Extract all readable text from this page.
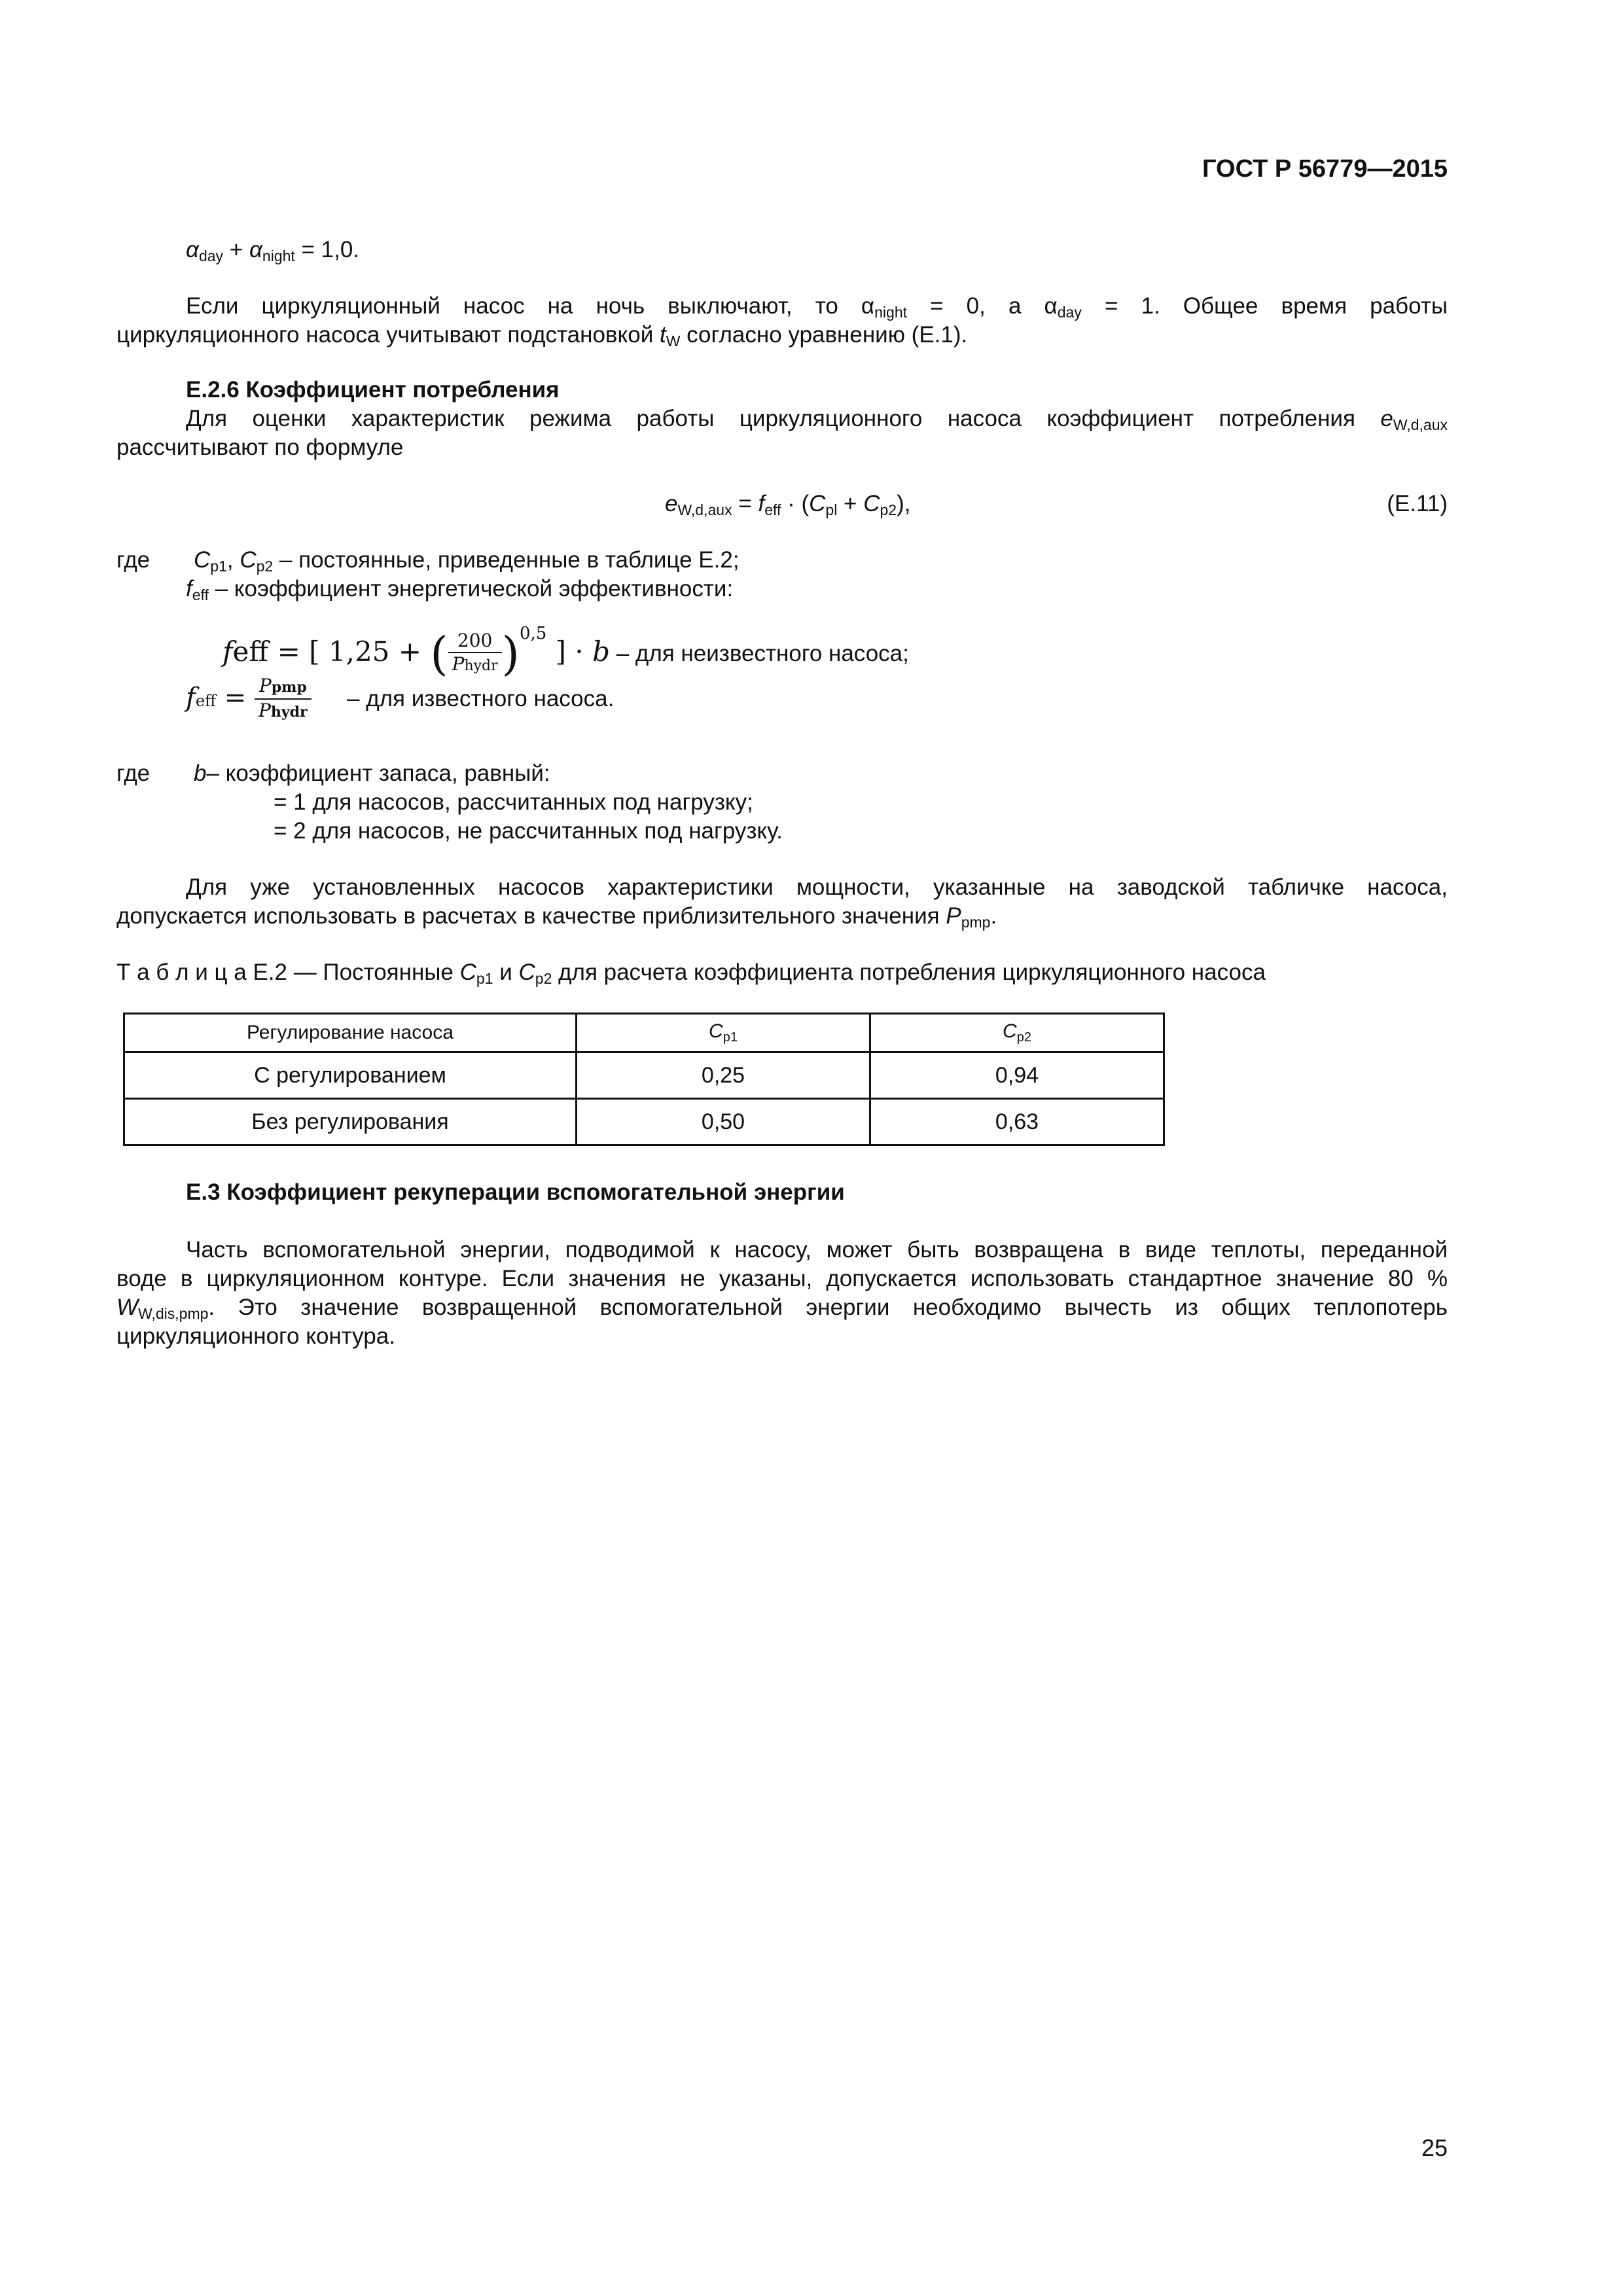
ГОСТ Р 56779—2015
$\alpha_{day} + \alpha_{night} = 1,0$.
Если циркуляционный насос на ночь выключают, то $\alpha_{night} = 0$, а $\alpha_{day} = 1$. Общее время работы
циркуляционного насоса учитывают подстановкой $t_W$ согласно уравнению (Е.1).
Е.2.6 Коэффициент потребления
Для оценки характеристик режима работы циркуляционного насоса коэффициент потребления $e_{W,d,aux}$
рассчитывают по формуле
$e_{W,d,aux} = f_{eff} \cdot (C_{pl} + C_{p2})$,	(Е.11)
где $C_{p1}$, $C_{p2}$ – постоянные, приведенные в таблице Е.2;
$f_{eff}$ – коэффициент энергетической эффективности:
feff = [ 1,25 + ( $\frac{200}{\text{Phydr}} )^{0,5}$ ] · b – для неизвестного насоса;
feff = $\frac{\text{Ppmp}}{\text{Phydr}}$ – для известного насоса.
где b– коэффициент запаса, равный:
= 1 для насосов, рассчитанных под нагрузку;
= 2 для насосов, не рассчитанных под нагрузку.
Для уже установленных насосов характеристики мощности, указанные на заводской табличке насоса,
допускается использовать в расчетах в качестве приблизительного значения $P_{pmp}$.
Т а б л и ц а Е.2 — Постоянные $C_{p1}$ и $C_{p2}$ для расчета коэффициента потребления циркуляционного насоса
Регулирование насоса	$C_{p1}$	$C_{p2}$
С регулированием	0,25	0,94
Без регулирования	0,50	0,63
Е.3 Коэффициент рекуперации вспомогательной энергии
Часть вспомогательной энергии, подводимой к насосу, может быть возвращена в виде теплоты, переданной
воде в циркуляционном контуре. Если значения не указаны, допускается использовать стандартное значение 80 %
$W_{W,dis,pmp}$. Это значение возвращенной вспомогательной энергии необходимо вычесть из общих теплопотерь
циркуляционного контура.
25
